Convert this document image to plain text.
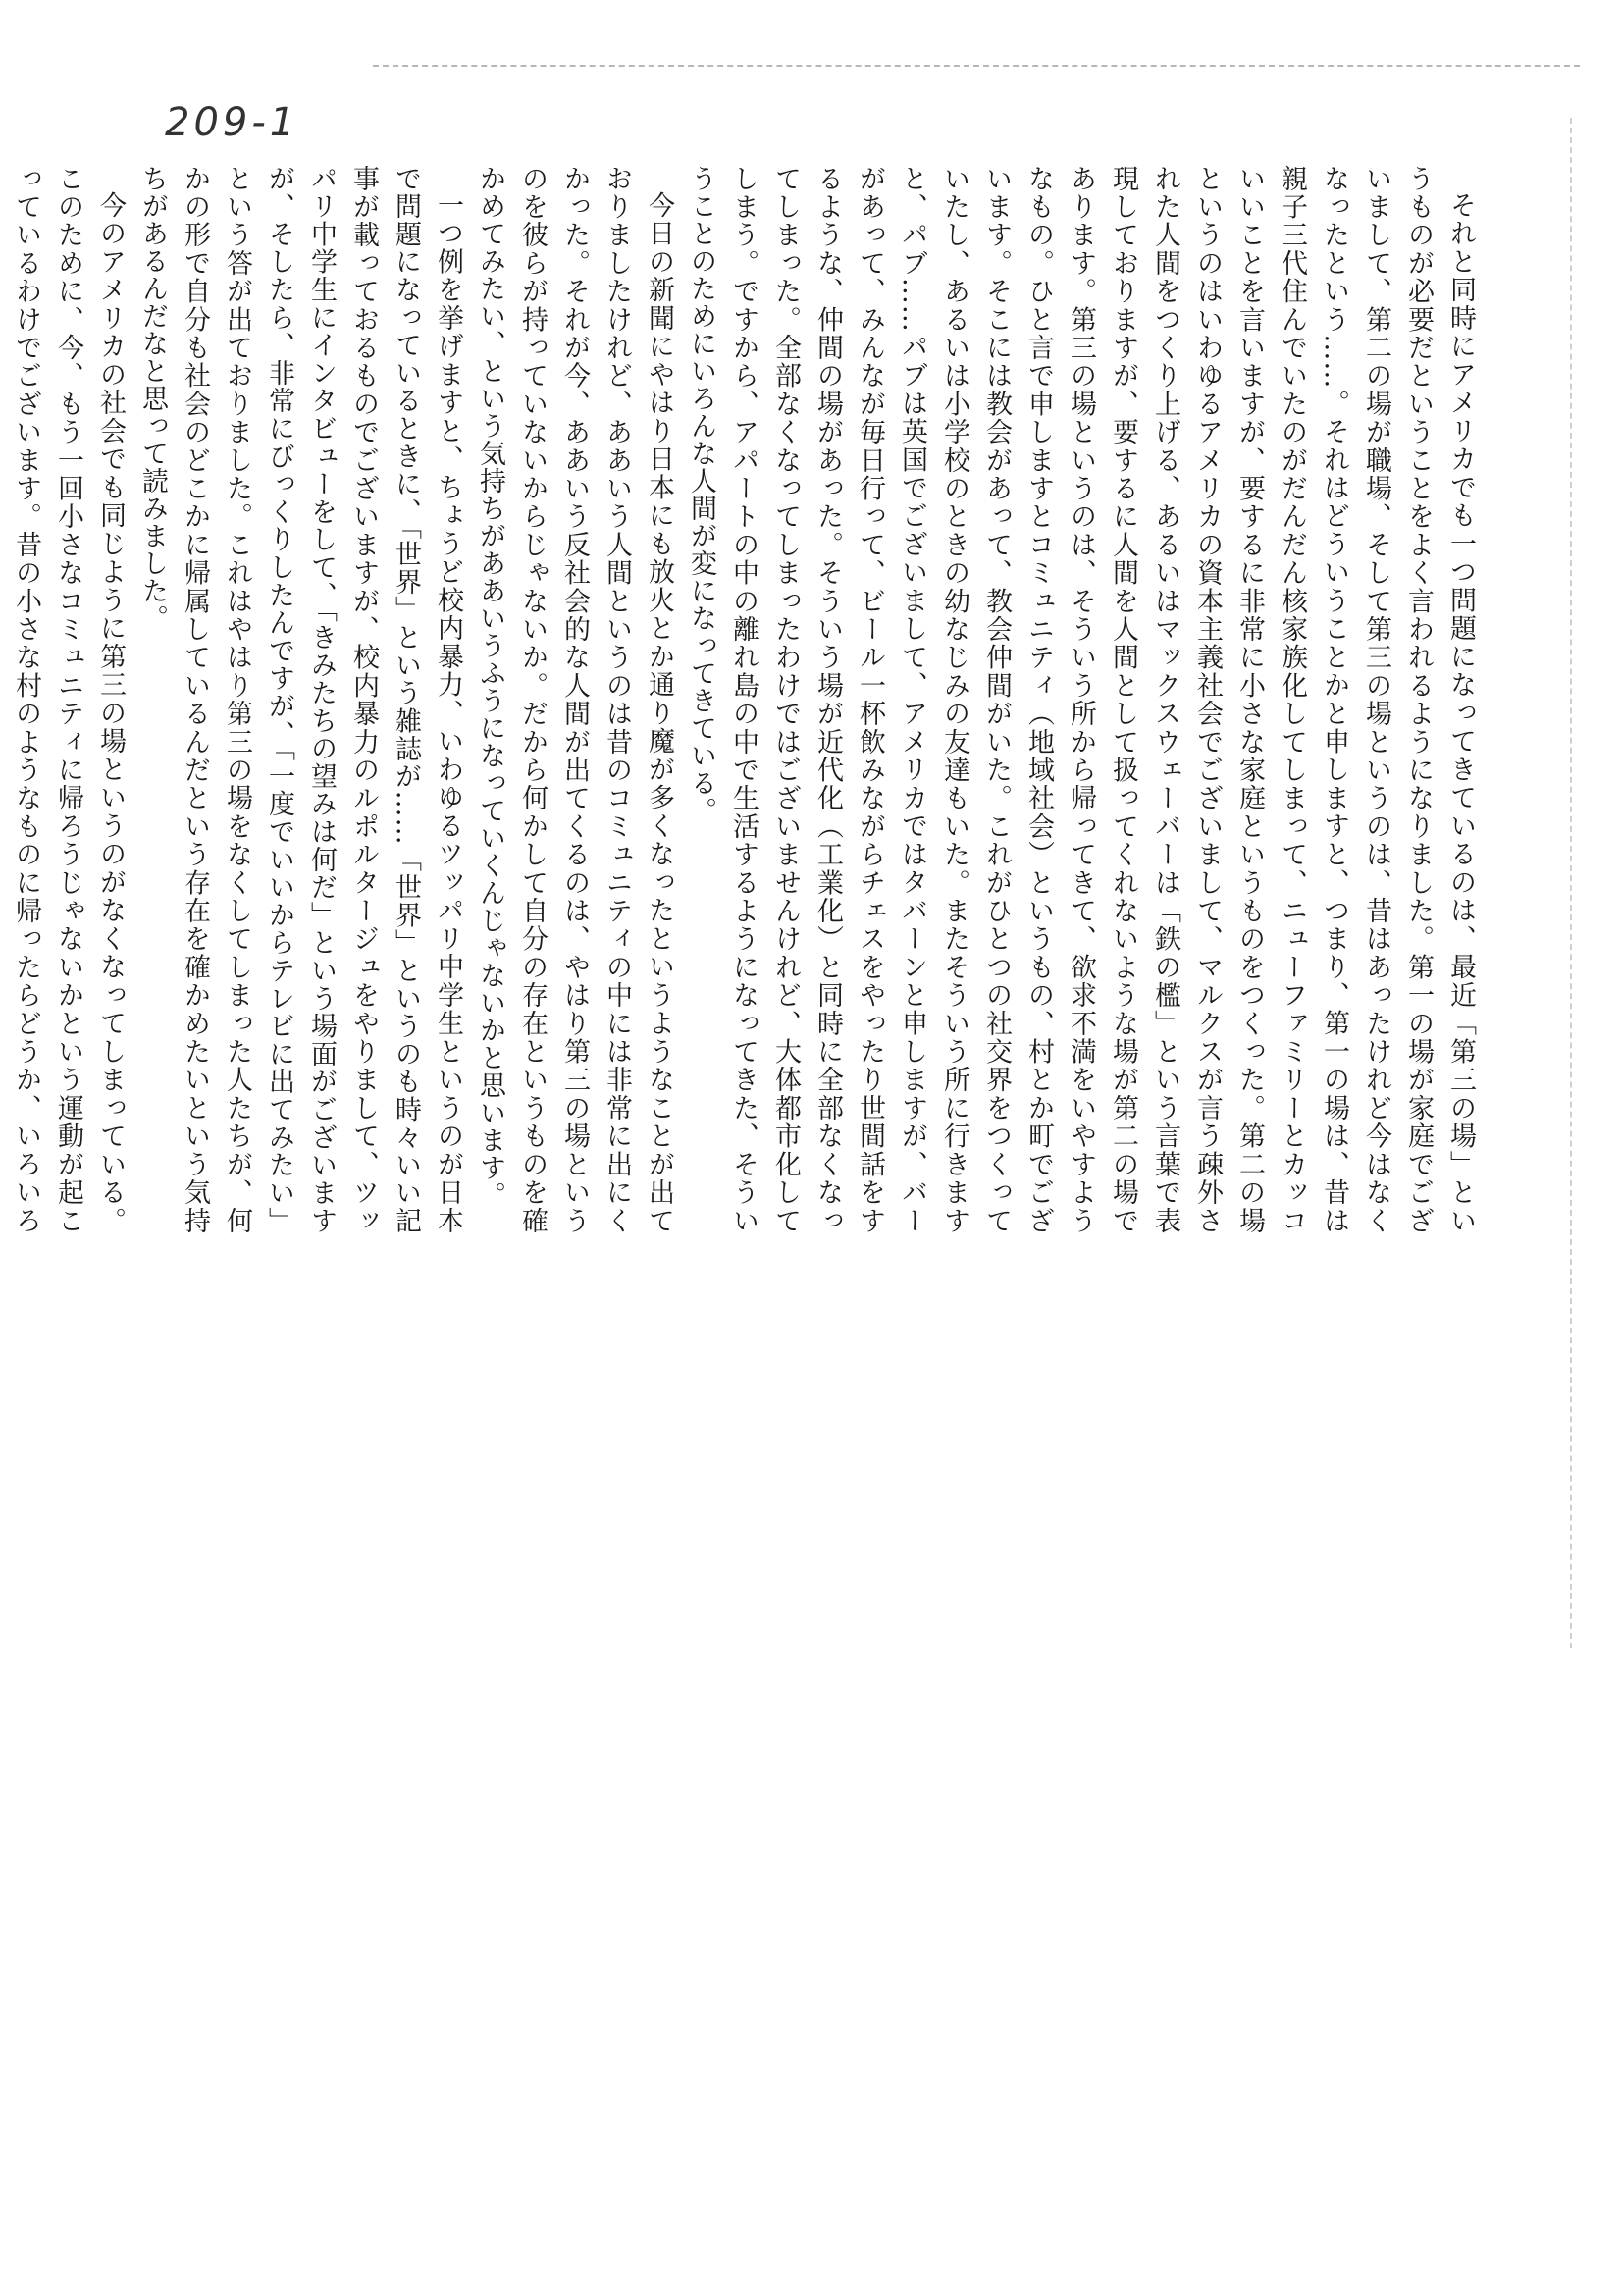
209-1

それと同時にアメリカでも一つ問題になってきているのは、最近「第三の場」というものが必要だということをよく言われるようになりました。第一の場が家庭でございまして、第二の場が職場、そして第三の場というのは、昔はあったけれど今はなくなったという……。それはどういうことかと申しますと、つまり、第一の場は、昔は親子三代住んでいたのがだんだん核家族化してしまって、ニューファミリーとカッコいいことを言いますが、要するに非常に小さな家庭というものをつくった。第二の場というのはいわゆるアメリカの資本主義社会でございまして、マルクスが言う疎外された人間をつくり上げる、あるいはマックスウェーバーは「鉄の檻」という言葉で表現しておりますが、要するに人間を人間として扱ってくれないような場が第二の場であります。第三の場というのは、そういう所から帰ってきて、欲求不満をいやすようなもの。ひと言で申しますとコミュニティ（地域社会）というもの、村とか町でございます。そこには教会があって、教会仲間がいた。これがひとつの社交界をつくっていたし、あるいは小学校のときの幼なじみの友達もいた。またそういう所に行きますと、パブ……パブは英国でございまして、アメリカではタバーンと申しますが、バーがあって、みんなが毎日行って、ビール一杯飲みながらチェスをやったり世間話をするような、仲間の場があった。そういう場が近代化（工業化）と同時に全部なくなってしまった。全部なくなってしまったわけではございませんけれど、大体都市化してしまう。ですから、アパートの中の離れ島の中で生活するようになってきた、そういうことのためにいろんな人間が変になってきている。

今日の新聞にやはり日本にも放火とか通り魔が多くなったというようなことが出ておりましたけれど、ああいう人間というのは昔のコミュニティの中には非常に出にくかった。それが今、ああいう反社会的な人間が出てくるのは、やはり第三の場というのを彼らが持っていないからじゃないか。だから何かして自分の存在というものを確かめてみたい、という気持ちがああいうふうになっていくんじゃないかと思います。

一つ例を挙げますと、ちょうど校内暴力、いわゆるツッパリ中学生というのが日本で問題になっているときに、「世界」という雑誌が……「世界」というのも時々いい記事が載っておるものでございますが、校内暴力のルポルタージュをやりまして、ツッパリ中学生にインタビューをして、「きみたちの望みは何だ」という場面がございますが、そしたら、非常にびっくりしたんですが、「一度でいいからテレビに出てみたい」という答が出ておりました。これはやはり第三の場をなくしてしまった人たちが、何かの形で自分も社会のどこかに帰属しているんだという存在を確かめたいという気持ちがあるんだなと思って読みました。

今のアメリカの社会でも同じように第三の場というのがなくなってしまっている。このために、今、もう一回小さなコミュニティに帰ろうじゃないかという運動が起こっているわけでございます。昔の小さな村のようなものに帰ったらどうか、いろいろ
